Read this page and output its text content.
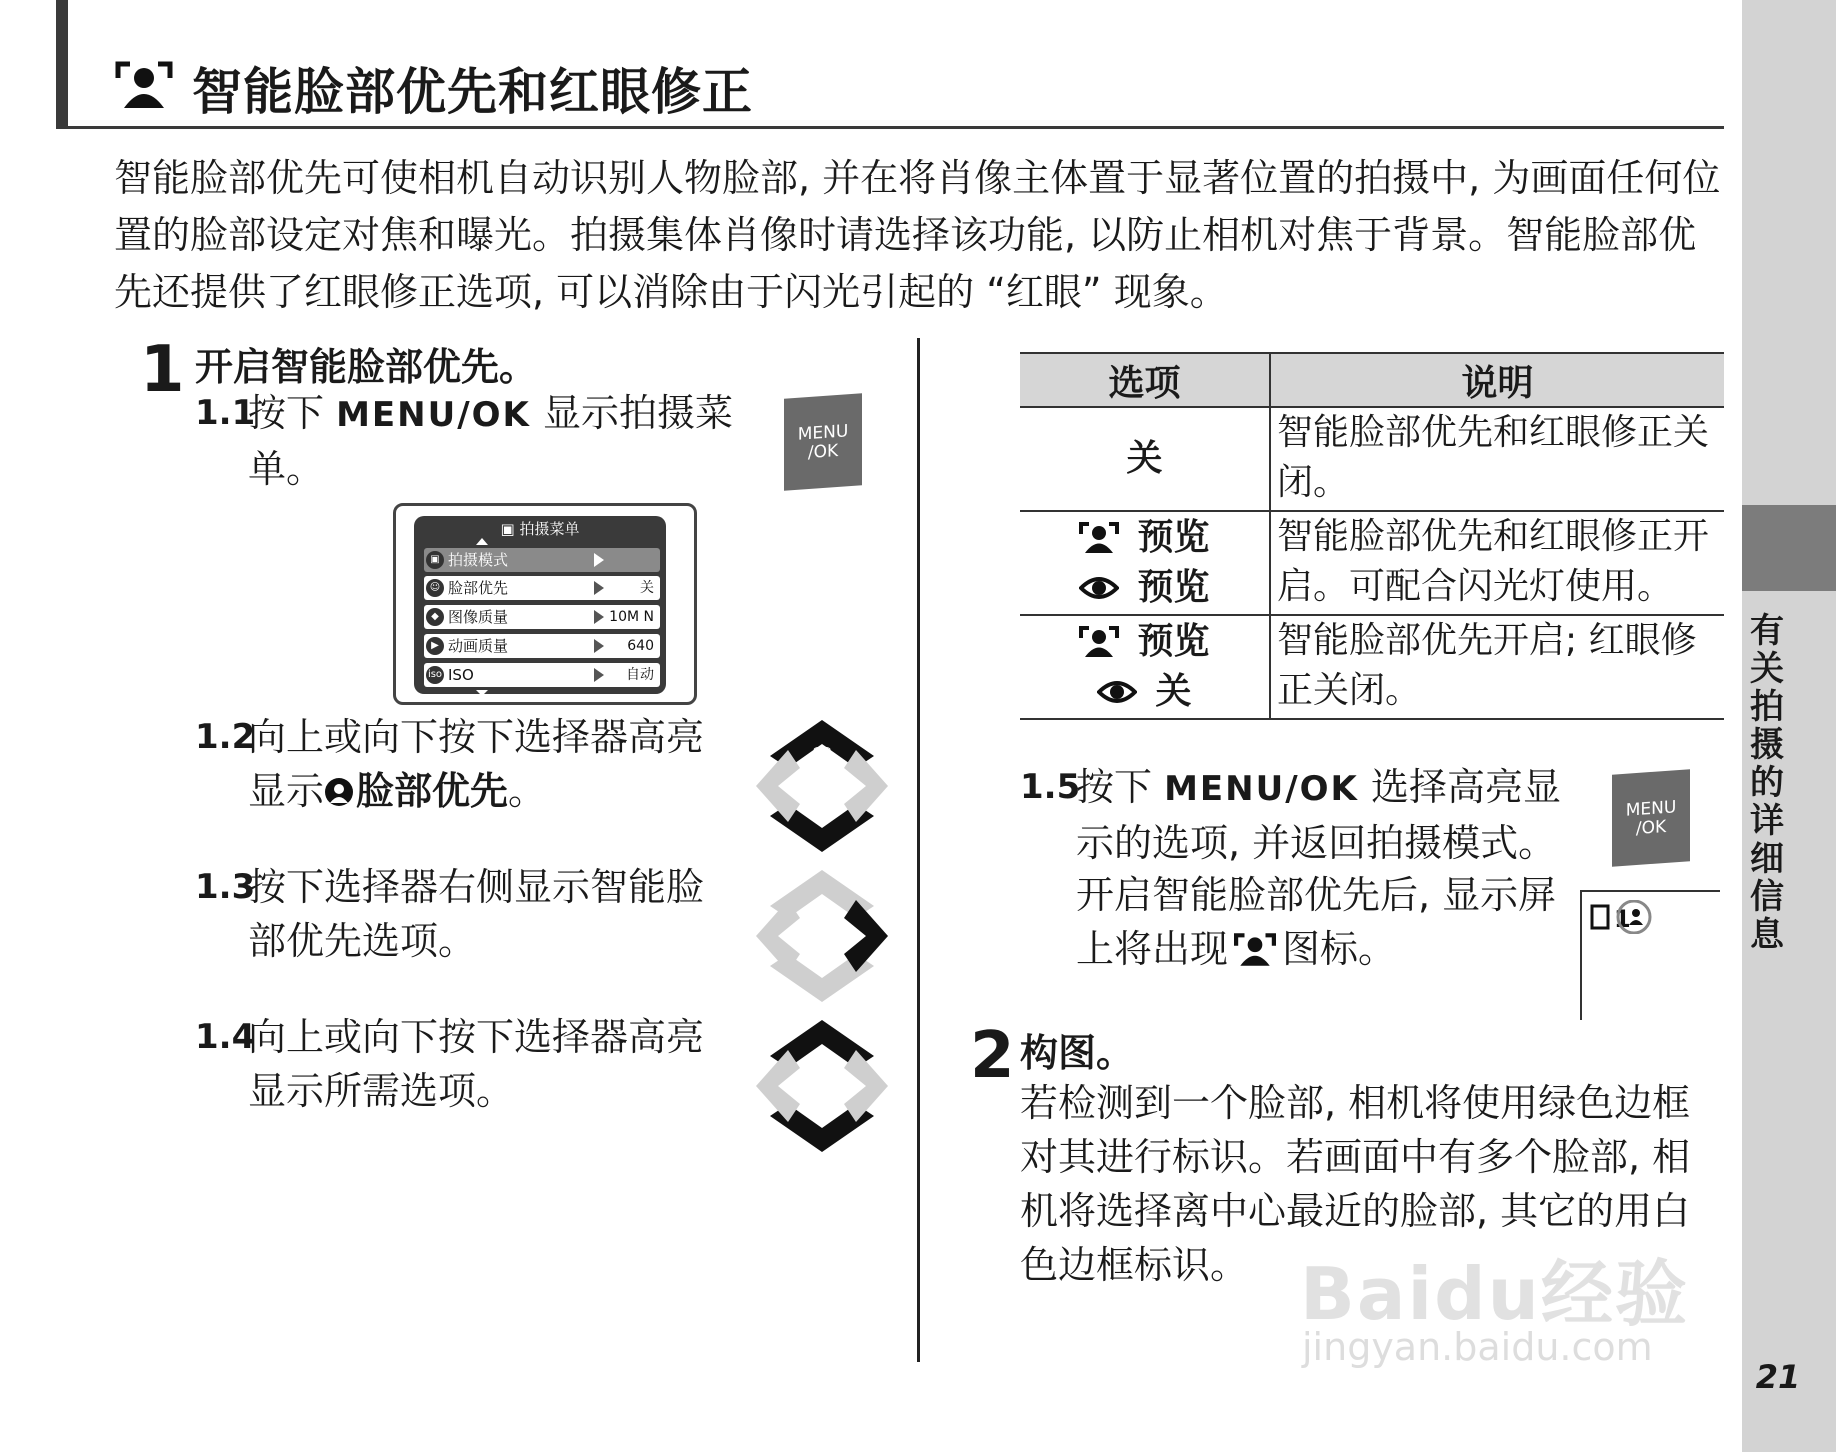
有关拍摄的详细信息
21
智能脸部优先和红眼修正
智能脸部优先可使相机自动识别人物脸部, 并在将肖像主体置于显著位置的拍摄中, 为画面任何位置的脸部设定对焦和曝光。拍摄集体肖像时请选择该功能, 以防止相机对焦于背景。智能脸部优先还提供了红眼修正选项, 可以消除由于闪光引起的 “红眼” 现象。
1 开启智能脸部优先。
1.1
按下 MENU/OK 显示拍摄菜单。
MENU
/OK
▣ 拍摄菜单
▣ 拍摄模式
☺ 脸部优先	关
◆ 图像质量	10M N
▶ 动画质量	640
iso ISO	自动
1.2
向上或向下按下选择器高亮显示 脸部优先。
🗑
1.3
按下选择器右侧显示智能脸部优先选项。
1.4
向上或向下按下选择器高亮显示所需选项。
选项	说明

关	智能脸部优先和红眼修正关闭。

预览
预览	智能脸部优先和红眼修正开启。可配合闪光灯使用。

预览
关	智能脸部优先开启; 红眼修正关闭。
1.5
按下 MENU/OK 选择高亮显示的选项, 并返回拍摄模式。
开启智能脸部优先后, 显示屏上将出现 图标。
MENU
/OK
1
2 构图。
若检测到一个脸部, 相机将使用绿色边框对其进行标识。若画面中有多个脸部, 相机将选择离中心最近的脸部, 其它的用白色边框标识。 Baidu经验
jingyan.baidu.com
